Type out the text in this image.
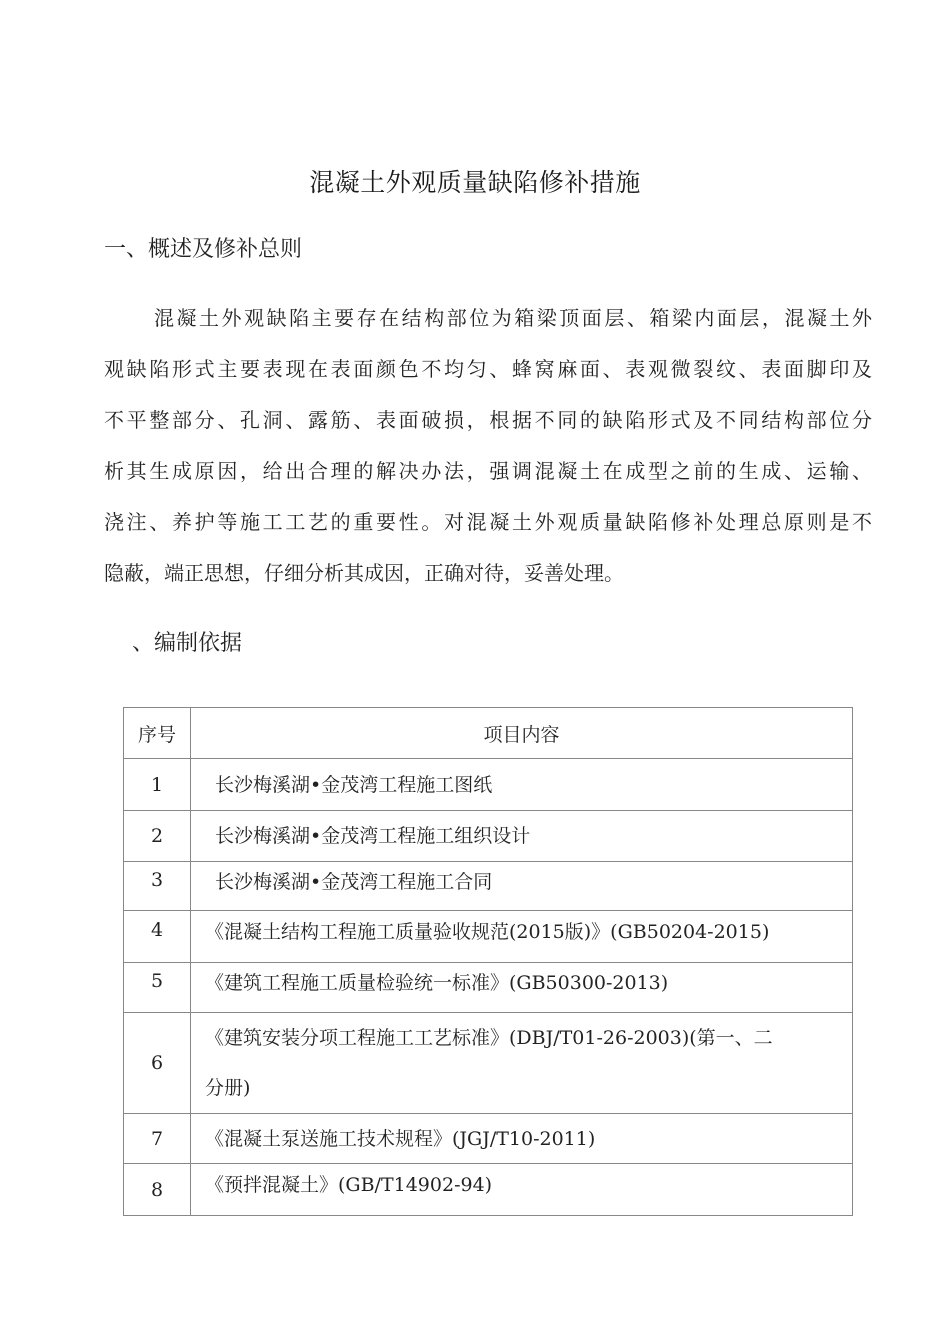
混凝土外观质量缺陷修补措施
一、概述及修补总则
混凝土外观缺陷主要存在结构部位为箱梁顶面层、箱梁内面层，混凝土外
观缺陷形式主要表现在表面颜色不均匀、蜂窝麻面、表观微裂纹、表面脚印及
不平整部分、孔洞、露筋、表面破损，根据不同的缺陷形式及不同结构部位分
析其生成原因，给出合理的解决办法，强调混凝土在成型之前的生成、运输、
浇注、养护等施工工艺的重要性。对混凝土外观质量缺陷修补处理总原则是不
隐蔽，端正思想，仔细分析其成因，正确对待，妥善处理。
、编制依据
序号	项目内容
1	长沙梅溪湖•金茂湾工程施工图纸
2	长沙梅溪湖•金茂湾工程施工组织设计
3	长沙梅溪湖•金茂湾工程施工合同
4	《混凝土结构工程施工质量验收规范(2015版)》(GB50204-2015)
5	《建筑工程施工质量检验统一标准》(GB50300-2013)
6	《建筑安装分项工程施工工艺标准》(DBJ/T01-26-2003)(第一、二
分册)

7	《混凝土泵送施工技术规程》(JGJ/T10-2011)
8	《预拌混凝土》(GB/T14902-94)
